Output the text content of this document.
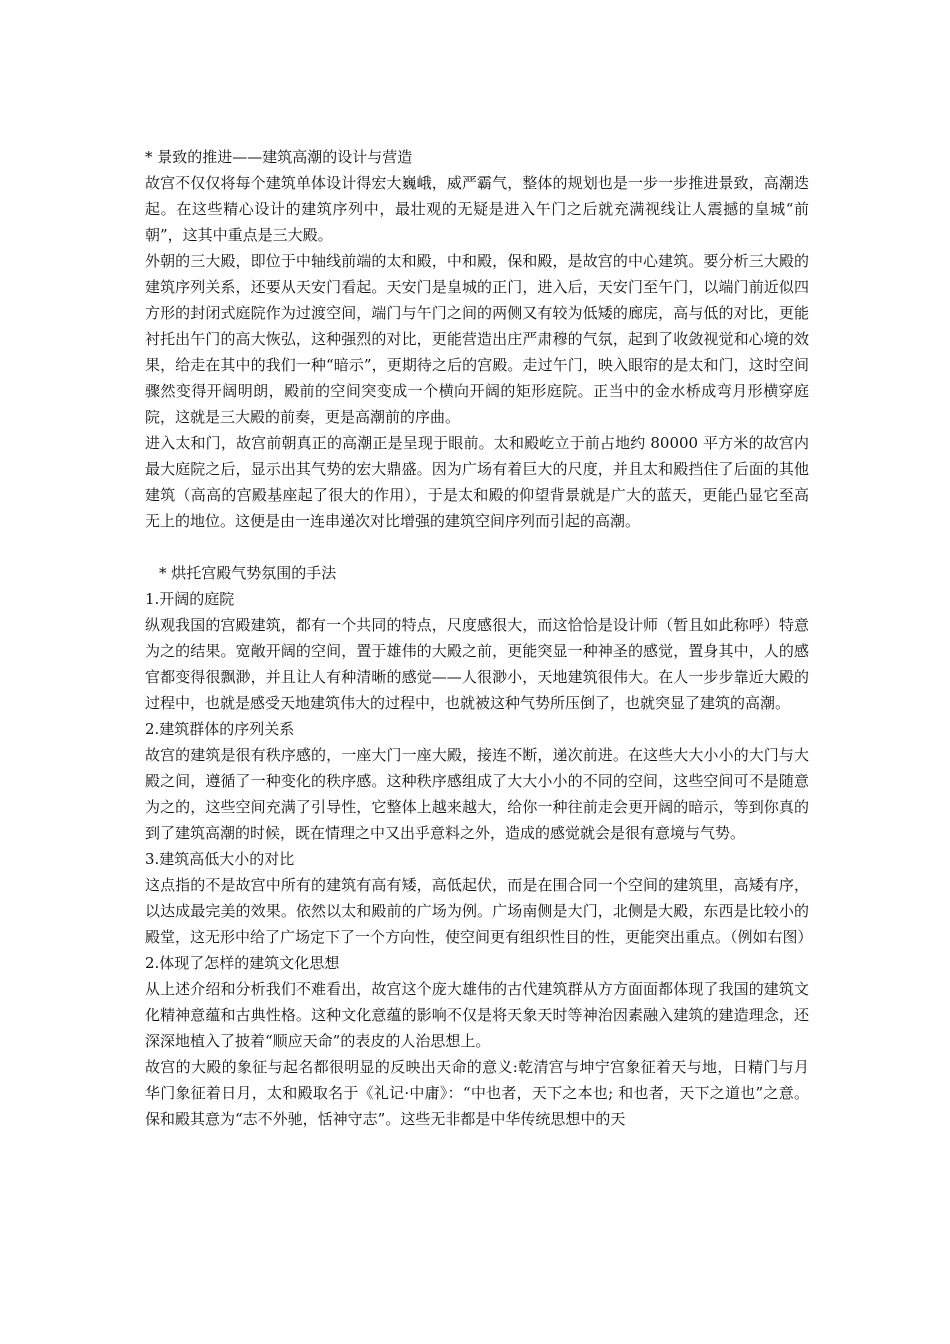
* 景致的推进——建筑高潮的设计与营造

故宫不仅仅将每个建筑单体设计得宏大巍峨，威严霸气，整体的规划也是一步一步推进景致，高潮迭起。在这些精心设计的建筑序列中，最壮观的无疑是进入午门之后就充满视线让人震撼的皇城“前朝”，这其中重点是三大殿。

外朝的三大殿，即位于中轴线前端的太和殿，中和殿，保和殿，是故宫的中心建筑。要分析三大殿的建筑序列关系，还要从天安门看起。天安门是皇城的正门，进入后，天安门至午门，以端门前近似四方形的封闭式庭院作为过渡空间，端门与午门之间的两侧又有较为低矮的廊庑，高与低的对比，更能衬托出午门的高大恢弘，这种强烈的对比，更能营造出庄严肃穆的气氛，起到了收敛视觉和心境的效果，给走在其中的我们一种“暗示”，更期待之后的宫殿。走过午门，映入眼帘的是太和门，这时空间骤然变得开阔明朗，殿前的空间突变成一个横向开阔的矩形庭院。正当中的金水桥成弯月形横穿庭院，这就是三大殿的前奏，更是高潮前的序曲。

进入太和门，故宫前朝真正的高潮正是呈现于眼前。太和殿屹立于前占地约 80000 平方米的故宫内最大庭院之后，显示出其气势的宏大鼎盛。因为广场有着巨大的尺度，并且太和殿挡住了后面的其他建筑（高高的宫殿基座起了很大的作用），于是太和殿的仰望背景就是广大的蓝天，更能凸显它至高无上的地位。这便是由一连串递次对比增强的建筑空间序列而引起的高潮。

* 烘托宫殿气势氛围的手法

1.开阔的庭院

纵观我国的宫殿建筑，都有一个共同的特点，尺度感很大，而这恰恰是设计师（暂且如此称呼）特意为之的结果。宽敞开阔的空间，置于雄伟的大殿之前，更能突显一种神圣的感觉，置身其中，人的感官都变得很飘渺，并且让人有种清晰的感觉——人很渺小，天地建筑很伟大。在人一步步靠近大殿的过程中，也就是感受天地建筑伟大的过程中，也就被这种气势所压倒了，也就突显了建筑的高潮。

2.建筑群体的序列关系

故宫的建筑是很有秩序感的，一座大门一座大殿，接连不断，递次前进。在这些大大小小的大门与大殿之间，遵循了一种变化的秩序感。这种秩序感组成了大大小小的不同的空间，这些空间可不是随意为之的，这些空间充满了引导性，它整体上越来越大，给你一种往前走会更开阔的暗示，等到你真的到了建筑高潮的时候，既在情理之中又出乎意料之外，造成的感觉就会是很有意境与气势。

3.建筑高低大小的对比

这点指的不是故宫中所有的建筑有高有矮，高低起伏，而是在围合同一个空间的建筑里，高矮有序，以达成最完美的效果。依然以太和殿前的广场为例。广场南侧是大门，北侧是大殿，东西是比较小的殿堂，这无形中给了广场定下了一个方向性，使空间更有组织性目的性，更能突出重点。（例如右图）

2.体现了怎样的建筑文化思想

从上述介绍和分析我们不难看出，故宫这个庞大雄伟的古代建筑群从方方面面都体现了我国的建筑文化精神意蕴和古典性格。这种文化意蕴的影响不仅是将天象天时等神治因素融入建筑的建造理念，还深深地植入了披着“顺应天命”的表皮的人治思想上。

故宫的大殿的象征与起名都很明显的反映出天命的意义:乾清宫与坤宁宫象征着天与地，日精门与月华门象征着日月，太和殿取名于《礼记·中庸》：“中也者，天下之本也; 和也者，天下之道也”之意。保和殿其意为“志不外驰，恬神守志”。这些无非都是中华传统思想中的天
